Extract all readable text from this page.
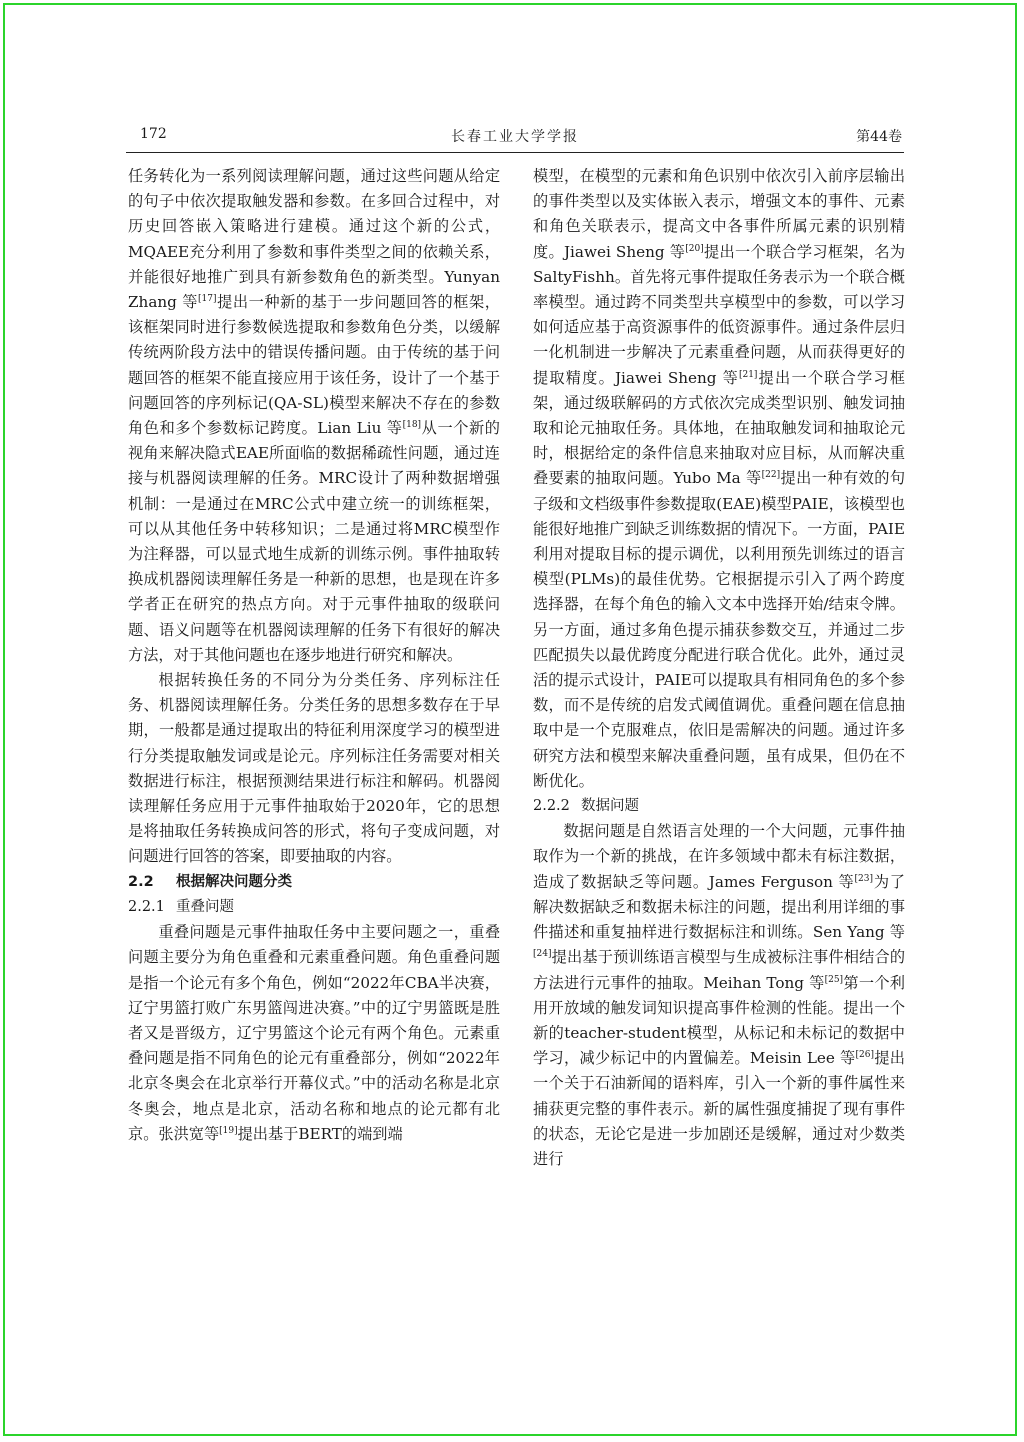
172	长春工业大学学报	第44卷

任务转化为一系列阅读理解问题，通过这些问题从给定的句子中依次提取触发器和参数。在多回合过程中，对历史回答嵌入策略进行建模。通过这个新的公式，MQAEE充分利用了参数和事件类型之间的依赖关系，并能很好地推广到具有新参数角色的新类型。Yunyan Zhang 等[17]提出一种新的基于一步问题回答的框架，该框架同时进行参数候选提取和参数角色分类，以缓解传统两阶段方法中的错误传播问题。由于传统的基于问题回答的框架不能直接应用于该任务，设计了一个基于问题回答的序列标记(QA-SL)模型来解决不存在的参数角色和多个参数标记跨度。Lian Liu 等[18]从一个新的视角来解决隐式EAE所面临的数据稀疏性问题，通过连接与机器阅读理解的任务。MRC设计了两种数据增强机制：一是通过在MRC公式中建立统一的训练框架，可以从其他任务中转移知识；二是通过将MRC模型作为注释器，可以显式地生成新的训练示例。事件抽取转换成机器阅读理解任务是一种新的思想，也是现在许多学者正在研究的热点方向。对于元事件抽取的级联问题、语义问题等在机器阅读理解的任务下有很好的解决方法，对于其他问题也在逐步地进行研究和解决。

根据转换任务的不同分为分类任务、序列标注任务、机器阅读理解任务。分类任务的思想多数存在于早期，一般都是通过提取出的特征利用深度学习的模型进行分类提取触发词或是论元。序列标注任务需要对相关数据进行标注，根据预测结果进行标注和解码。机器阅读理解任务应用于元事件抽取始于2020年，它的思想是将抽取任务转换成问答的形式，将句子变成问题，对问题进行回答的答案，即要抽取的内容。

2.2 根据解决问题分类

2.2.1 重叠问题

重叠问题是元事件抽取任务中主要问题之一，重叠问题主要分为角色重叠和元素重叠问题。角色重叠问题是指一个论元有多个角色，例如“2022年CBA半决赛，辽宁男篮打败广东男篮闯进决赛。”中的辽宁男篮既是胜者又是晋级方，辽宁男篮这个论元有两个角色。元素重叠问题是指不同角色的论元有重叠部分，例如“2022年北京冬奥会在北京举行开幕仪式。”中的活动名称是北京冬奥会，地点是北京，活动名称和地点的论元都有北京。张洪宽等[19]提出基于BERT的端到端

模型，在模型的元素和角色识别中依次引入前序层输出的事件类型以及实体嵌入表示，增强文本的事件、元素和角色关联表示，提高文中各事件所属元素的识别精度。Jiawei Sheng 等[20]提出一个联合学习框架，名为SaltyFishh。首先将元事件提取任务表示为一个联合概率模型。通过跨不同类型共享模型中的参数，可以学习如何适应基于高资源事件的低资源事件。通过条件层归一化机制进一步解决了元素重叠问题，从而获得更好的提取精度。Jiawei Sheng 等[21]提出一个联合学习框架，通过级联解码的方式依次完成类型识别、触发词抽取和论元抽取任务。具体地，在抽取触发词和抽取论元时，根据给定的条件信息来抽取对应目标，从而解决重叠要素的抽取问题。Yubo Ma 等[22]提出一种有效的句子级和文档级事件参数提取(EAE)模型PAIE，该模型也能很好地推广到缺乏训练数据的情况下。一方面，PAIE利用对提取目标的提示调优，以利用预先训练过的语言模型(PLMs)的最佳优势。它根据提示引入了两个跨度选择器，在每个角色的输入文本中选择开始/结束令牌。另一方面，通过多角色提示捕获参数交互，并通过二步匹配损失以最优跨度分配进行联合优化。此外，通过灵活的提示式设计，PAIE可以提取具有相同角色的多个参数，而不是传统的启发式阈值调优。重叠问题在信息抽取中是一个克服难点，依旧是需解决的问题。通过许多研究方法和模型来解决重叠问题，虽有成果，但仍在不断优化。

2.2.2 数据问题

数据问题是自然语言处理的一个大问题，元事件抽取作为一个新的挑战，在许多领域中都未有标注数据，造成了数据缺乏等问题。James Ferguson 等[23]为了解决数据缺乏和数据未标注的问题，提出利用详细的事件描述和重复抽样进行数据标注和训练。Sen Yang 等[24]提出基于预训练语言模型与生成被标注事件相结合的方法进行元事件的抽取。Meihan Tong 等[25]第一个利用开放域的触发词知识提高事件检测的性能。提出一个新的teacher-student模型，从标记和未标记的数据中学习，减少标记中的内置偏差。Meisin Lee 等[26]提出一个关于石油新闻的语料库，引入一个新的事件属性来捕获更完整的事件表示。新的属性强度捕捉了现有事件的状态，无论它是进一步加剧还是缓解，通过对少数类进行
